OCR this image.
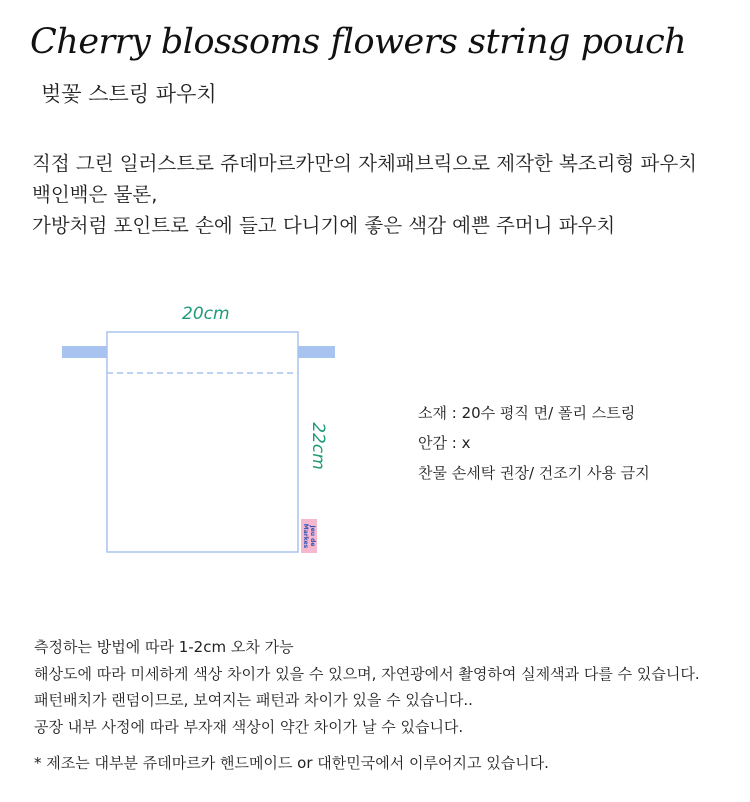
Cherry blossoms flowers string pouch
벚꽃 스트링 파우치
직접 그린 일러스트로 쥬데마르카만의 자체패브릭으로 제작한 복조리형 파우치
백인백은 물론,
가방처럼 포인트로 손에 들고 다니기에 좋은 색감 예쁜 주머니 파우치
20cm
22cm
Jeu de
Markes
소재 : 20수 평직 면/ 폴리 스트링
안감 : x
찬물 손세탁 권장/ 건조기 사용 금지
측정하는 방법에 따라 1-2cm 오차 가능
해상도에 따라 미세하게 색상 차이가 있을 수 있으며, 자연광에서 촬영하여 실제색과 다를 수 있습니다.
패턴배치가 랜덤이므로, 보여지는 패턴과 차이가 있을 수 있습니다..
공장 내부 사정에 따라 부자재 색상이 약간 차이가 날 수 있습니다.
* 제조는 대부분 쥬데마르카 핸드메이드 or 대한민국에서 이루어지고 있습니다.
